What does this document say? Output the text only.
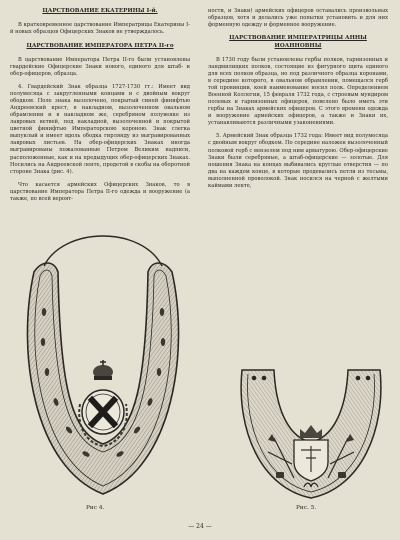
ЦАРСТВОВАНИЕ ЕКАТЕРИНЫ I-й.
В кратковременное царствование Императрицы Екатерины I-й новых образцов Офицерских Знаков не утверждалось.
ЦАРСТВОВАНИЕ ИМПЕРАТОРА ПЕТРА II-го
В царствование Императора Петра II-го были установлены гвардейские Офицерские Знаки нового, единого для штаб- и обер-офицеров, образца.
4. Гвардейский Знак образца 1727-1730 гг.: Имеет вид полумесяца с закругленными концами и с двойным вокруг ободком. Поле знака вызолочено, покрытый синей финифтью Андреевский крест, в накладном, вызолоченном овальном обрамлении и в накладном же, серебряном полувенке из лавровых ветвей, под накладной, вызолоченной и покрытой цветной финифтью Императорскою короною. Знак слегка выпуклый и имеет вдоль ободка гирлянду из выгравированных лавровых листьев. На обер-офицерских Знаках иногда выгравированы пожалованные Петром Великим надписи, расположенные, как и на предыдущих обер-офицерских Знаках. Носились на Андреевской ленте, продетой в скобы на оборотной стороне Знака (рис. 4).
Что касается армейских Офицерских Знаков, то в царствование Императора Петра II-го одежда и вооружение (а также, по всей вероят-
ности, и Знаки) армейских офицеров оставались произвольных образцов, хотя и делались уже попытки установить и для них форменную одежду и форменное вооружение.
ЦАРСТВОВАНИЕ ИМПЕРАТРИЦЫ АННЫ ИОАННОВНЫ
В 1730 году были установлены гербы полков, гарнизонных и ландмилицких полков, состоящие из фигурного щита единого для всех полков образца, но под различного образца коронами, в середине которого, в овальном обрамлении, помещался герб той провинции, коей наименование носил полк. Определением Военной Коллегии, 15 февраля 1732 года, с строевым мундиром полевых и гарнизонных офицеров, повелено было иметь эти гербы на Знаках армейских офицеров. С этого времени одежда и вооружение армейских офицеров, а также и Знаки их, устанавливаются различными узаконениями.
5. Армейский Знак образца 1732 года: Имеет вид полумесяца с двойным вокруг ободком. По середине наложен вызолоченный полковой герб с вензелем под ним арматурою. Обер-офицерские Знаки были серебряные, а штаб-офицерские — золотые. Для ношения Знака на концах выбивались круглые отверстия — по два на каждом конце, в которые продевались петли из тесьмы, выполненной проволокой. Знак носился на черной с желтыми каймами лентe,
Рис 4.	Рис. 5.
— 24 —
